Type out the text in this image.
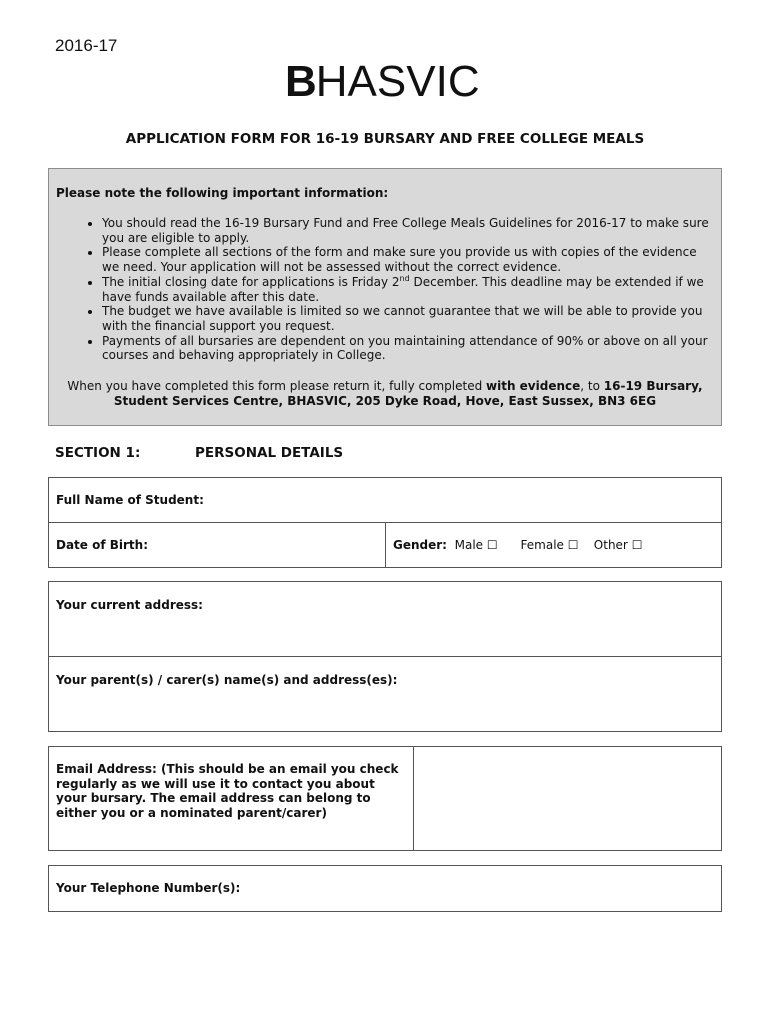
2016-17
BHASVIC
APPLICATION FORM FOR 16-19 BURSARY AND FREE COLLEGE MEALS
Please note the following important information:
• You should read the 16-19 Bursary Fund and Free College Meals Guidelines for 2016-17 to make sure you are eligible to apply.
• Please complete all sections of the form and make sure you provide us with copies of the evidence we need. Your application will not be assessed without the correct evidence.
• The initial closing date for applications is Friday 2nd December. This deadline may be extended if we have funds available after this date.
• The budget we have available is limited so we cannot guarantee that we will be able to provide you with the financial support you request.
• Payments of all bursaries are dependent on you maintaining attendance of 90% or above on all your courses and behaving appropriately in College.
When you have completed this form please return it, fully completed with evidence, to 16-19 Bursary, Student Services Centre, BHASVIC, 205 Dyke Road, Hove, East Sussex, BN3 6EG
SECTION 1:	PERSONAL DETAILS
Full Name of Student:
Date of Birth:	Gender: Male ☐ Female ☐ Other ☐
Your current address:
Your parent(s) / carer(s) name(s) and address(es):
Email Address: (This should be an email you check regularly as we will use it to contact you about your bursary. The email address can belong to either you or a nominated parent/carer)	
Your Telephone Number(s):
